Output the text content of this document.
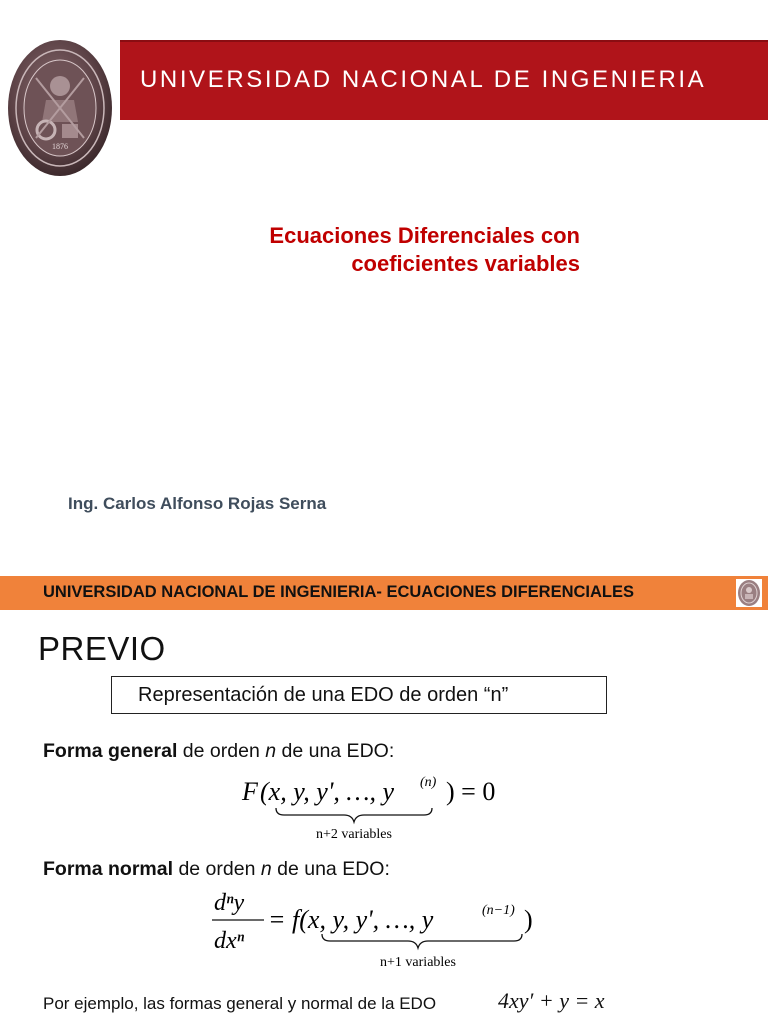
1876
UNIVERSIDAD NACIONAL DE INGENIERIA
Ecuaciones Diferenciales con
coeficientes variables
Ing. Carlos Alfonso Rojas Serna
UNIVERSIDAD NACIONAL DE INGENIERIA- ECUACIONES DIFERENCIALES
PREVIO
Representación de una EDO de orden “n”
Forma general de orden n de una EDO:
F (x, y, y', …, y (n) ) = 0
n+2 variables
Forma normal de orden n de una EDO:
dⁿy
dxⁿ
= f(x, y, y', …, y	(n−1) )
n+1 variables
Por ejemplo, las formas general y normal de la EDO	4xy′ + y = x
